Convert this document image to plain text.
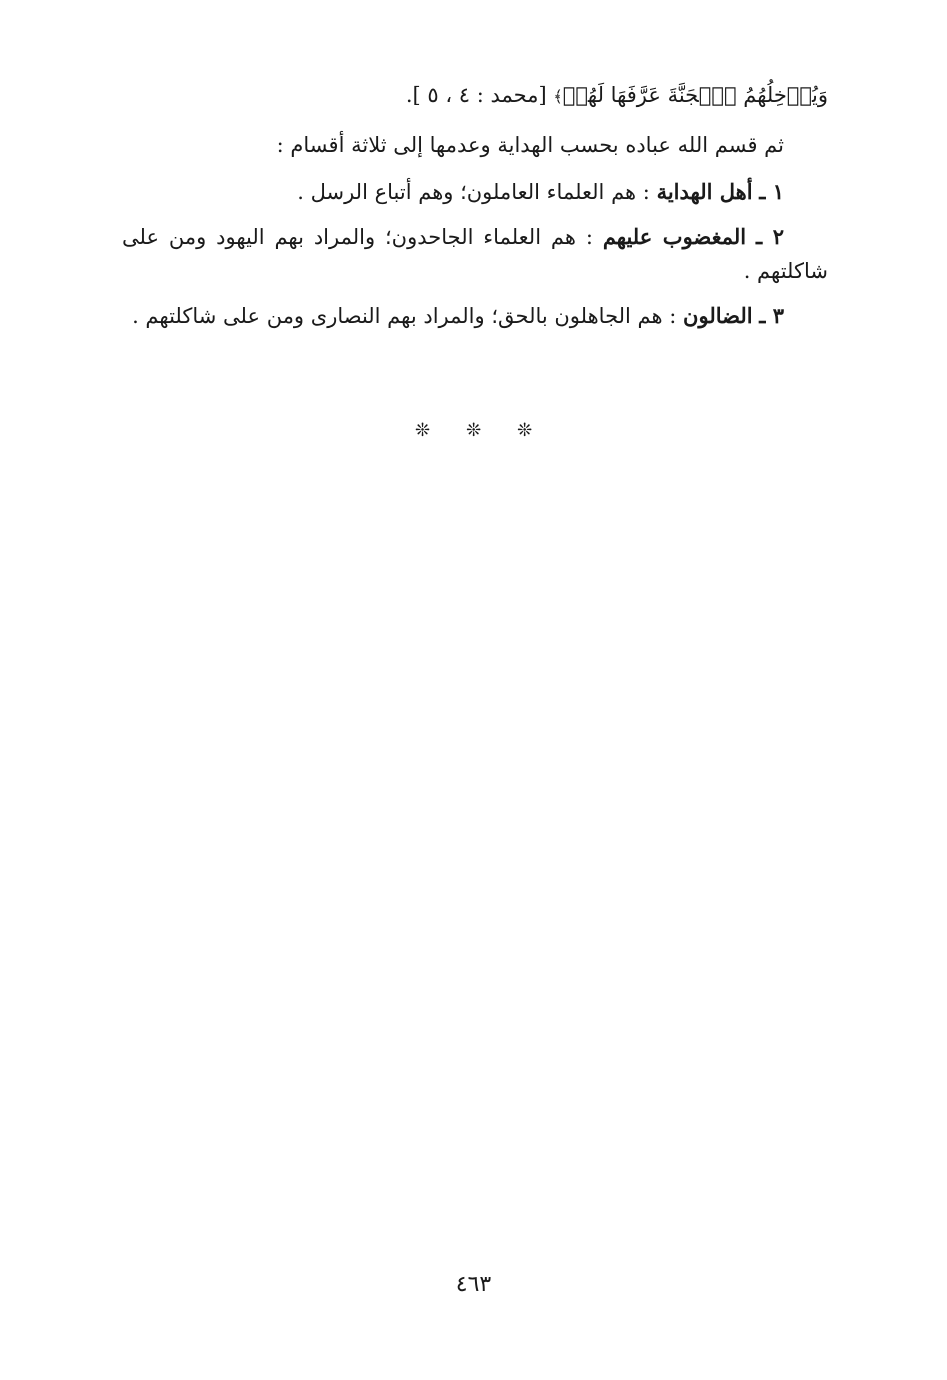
وَيُدۡخِلُهُمُ ٱلۡجَنَّةَ عَرَّفَهَا لَهُمۡ﴾ [محمد : ٤ ، ٥ ].

ثم قسم الله عباده بحسب الهداية وعدمها إلى ثلاثة أقسام :

١ ـ أهل الهداية : هم العلماء العاملون؛ وهم أتباع الرسل .

٢ ـ المغضوب عليهم : هم العلماء الجاحدون؛ والمراد بهم اليهود ومن على شاكلتهم .

٣ ـ الضالون : هم الجاهلون بالحق؛ والمراد بهم النصارى ومن على شاكلتهم .

❊ ❊ ❊
٤٦٣
